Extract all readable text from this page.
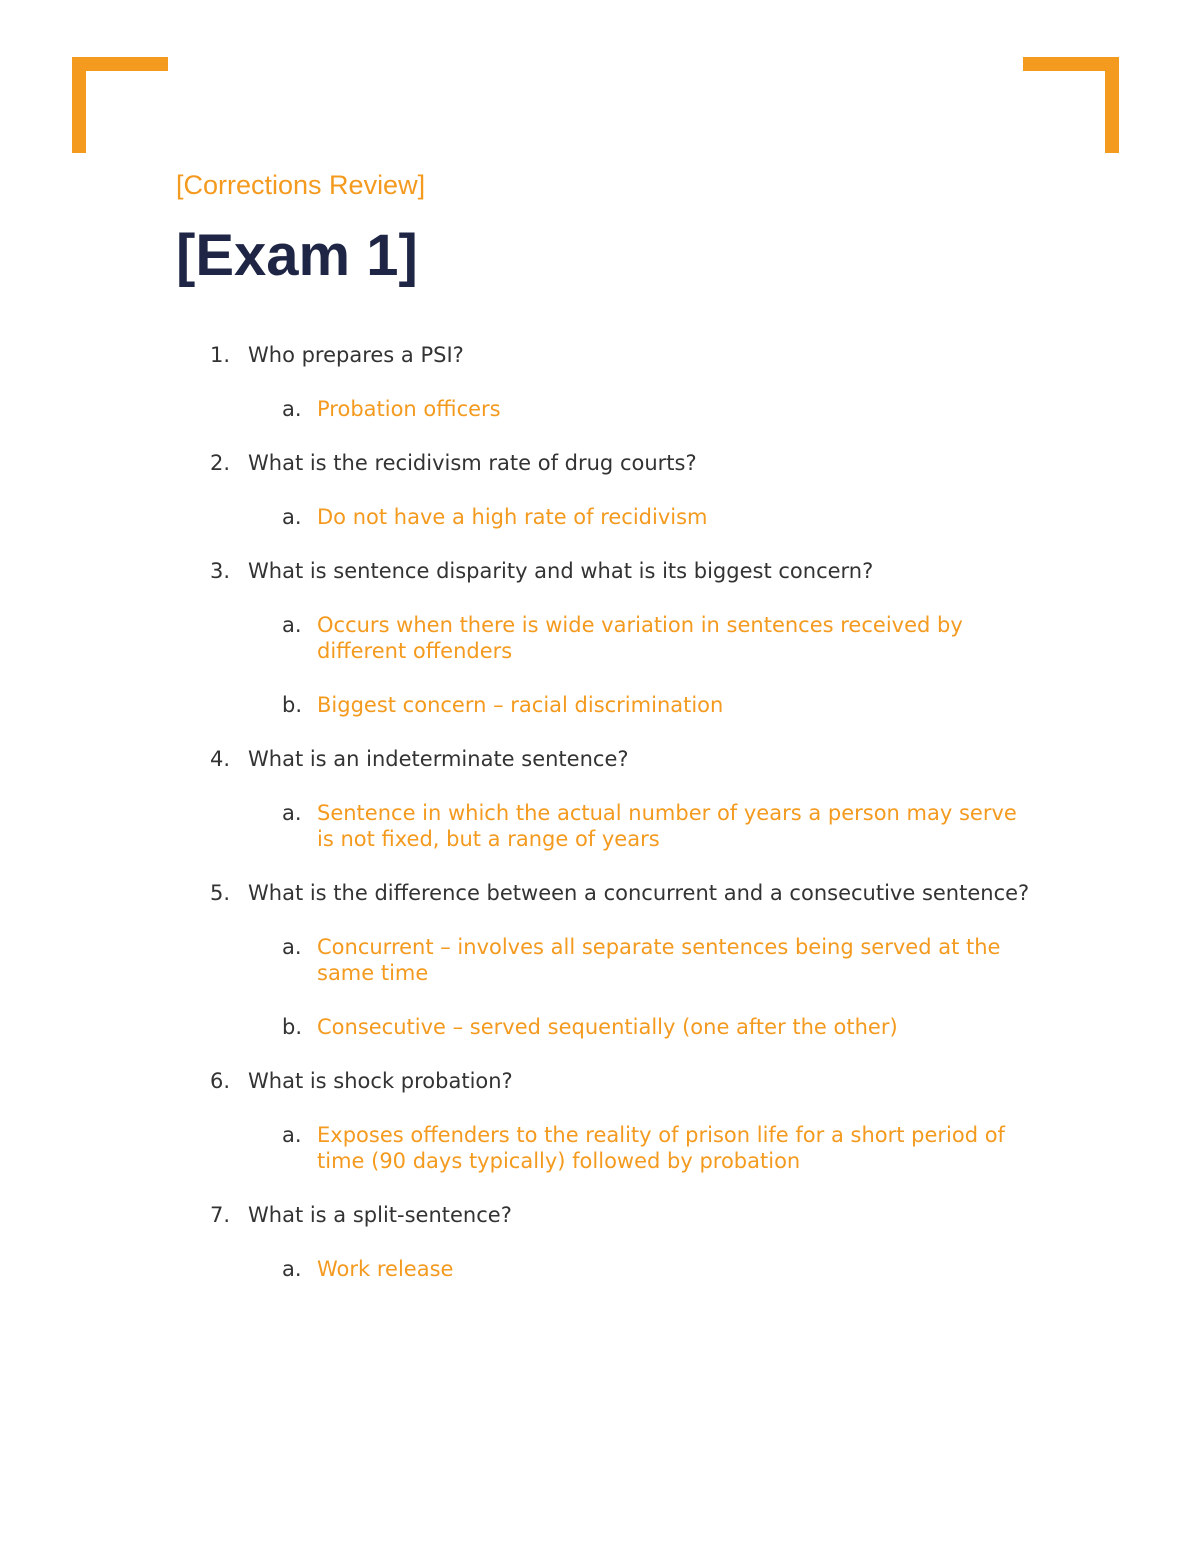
[Corrections Review]
[Exam 1]
1. Who prepares a PSI?
a. Probation officers
2. What is the recidivism rate of drug courts?
a. Do not have a high rate of recidivism
3. What is sentence disparity and what is its biggest concern?
a. Occurs when there is wide variation in sentences received by different offenders
b. Biggest concern – racial discrimination
4. What is an indeterminate sentence?
a. Sentence in which the actual number of years a person may serve is not fixed, but a range of years
5. What is the difference between a concurrent and a consecutive sentence?
a. Concurrent – involves all separate sentences being served at the same time
b. Consecutive – served sequentially (one after the other)
6. What is shock probation?
a. Exposes offenders to the reality of prison life for a short period of time (90 days typically) followed by probation
7. What is a split-sentence?
a. Work release
